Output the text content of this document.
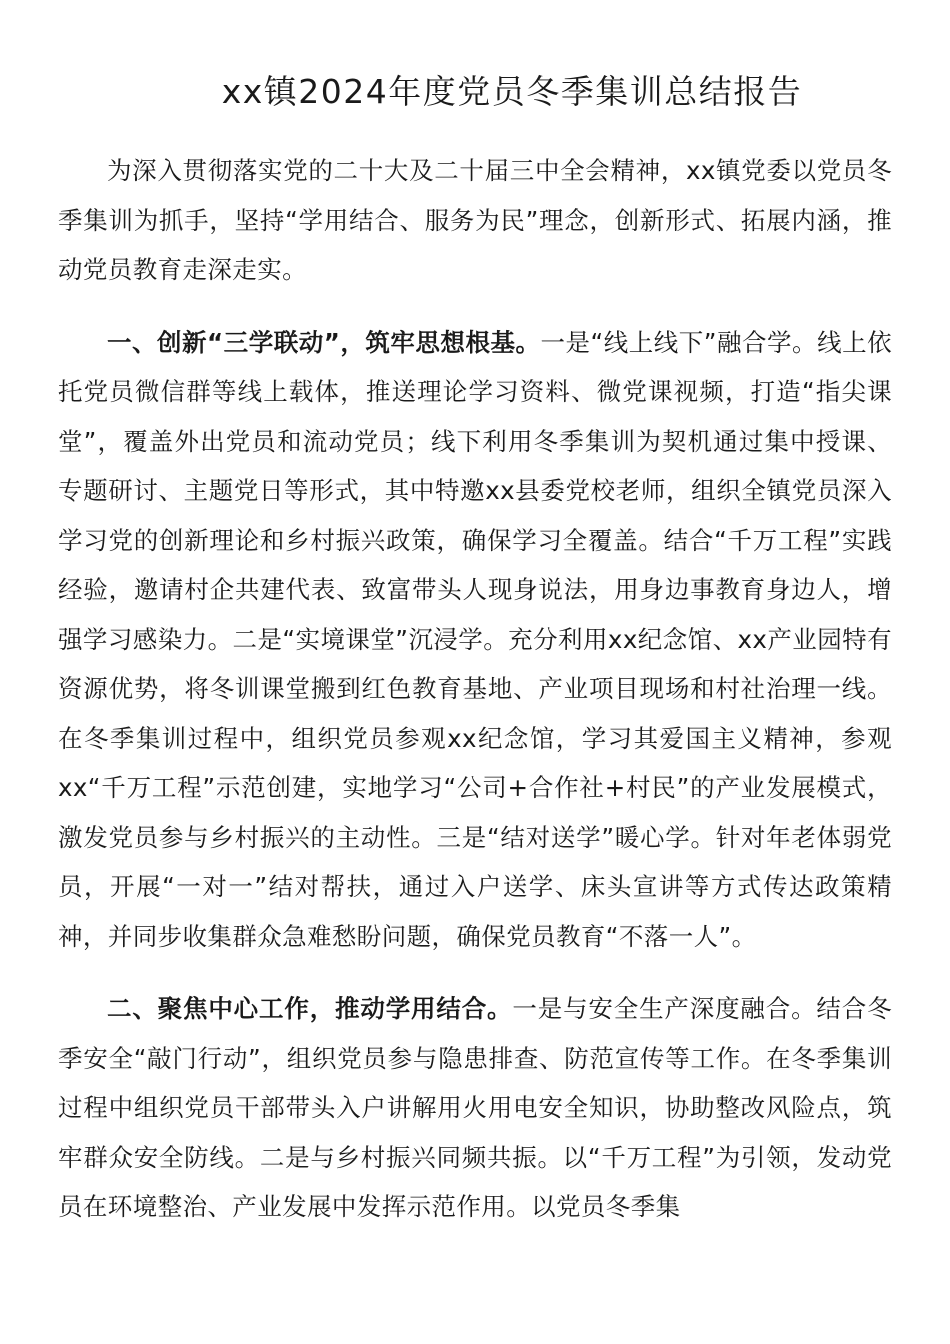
xx镇2024年度党员冬季集训总结报告

为深入贯彻落实党的二十大及二十届三中全会精神，xx镇党委以党员冬季集训为抓手，坚持“学用结合、服务为民”理念，创新形式、拓展内涵，推动党员教育走深走实。

一、创新“三学联动”，筑牢思想根基。一是“线上线下”融合学。线上依托党员微信群等线上载体，推送理论学习资料、微党课视频，打造“指尖课堂”，覆盖外出党员和流动党员；线下利用冬季集训为契机通过集中授课、专题研讨、主题党日等形式，其中特邀xx县委党校老师，组织全镇党员深入学习党的创新理论和乡村振兴政策，确保学习全覆盖。结合“千万工程”实践经验，邀请村企共建代表、致富带头人现身说法，用身边事教育身边人，增强学习感染力。二是“实境课堂”沉浸学。充分利用xx纪念馆、xx产业园特有资源优势，将冬训课堂搬到红色教育基地、产业项目现场和村社治理一线。在冬季集训过程中，组织党员参观xx纪念馆，学习其爱国主义精神，参观xx“千万工程”示范创建，实地学习“公司+合作社+村民”的产业发展模式，激发党员参与乡村振兴的主动性。三是“结对送学”暖心学。针对年老体弱党员，开展“一对一”结对帮扶，通过入户送学、床头宣讲等方式传达政策精神，并同步收集群众急难愁盼问题，确保党员教育“不落一人”。

二、聚焦中心工作，推动学用结合。一是与安全生产深度融合。结合冬季安全“敲门行动”，组织党员参与隐患排查、防范宣传等工作。在冬季集训过程中组织党员干部带头入户讲解用火用电安全知识，协助整改风险点，筑牢群众安全防线。二是与乡村振兴同频共振。以“千万工程”为引领，发动党员在环境整治、产业发展中发挥示范作用。以党员冬季集
